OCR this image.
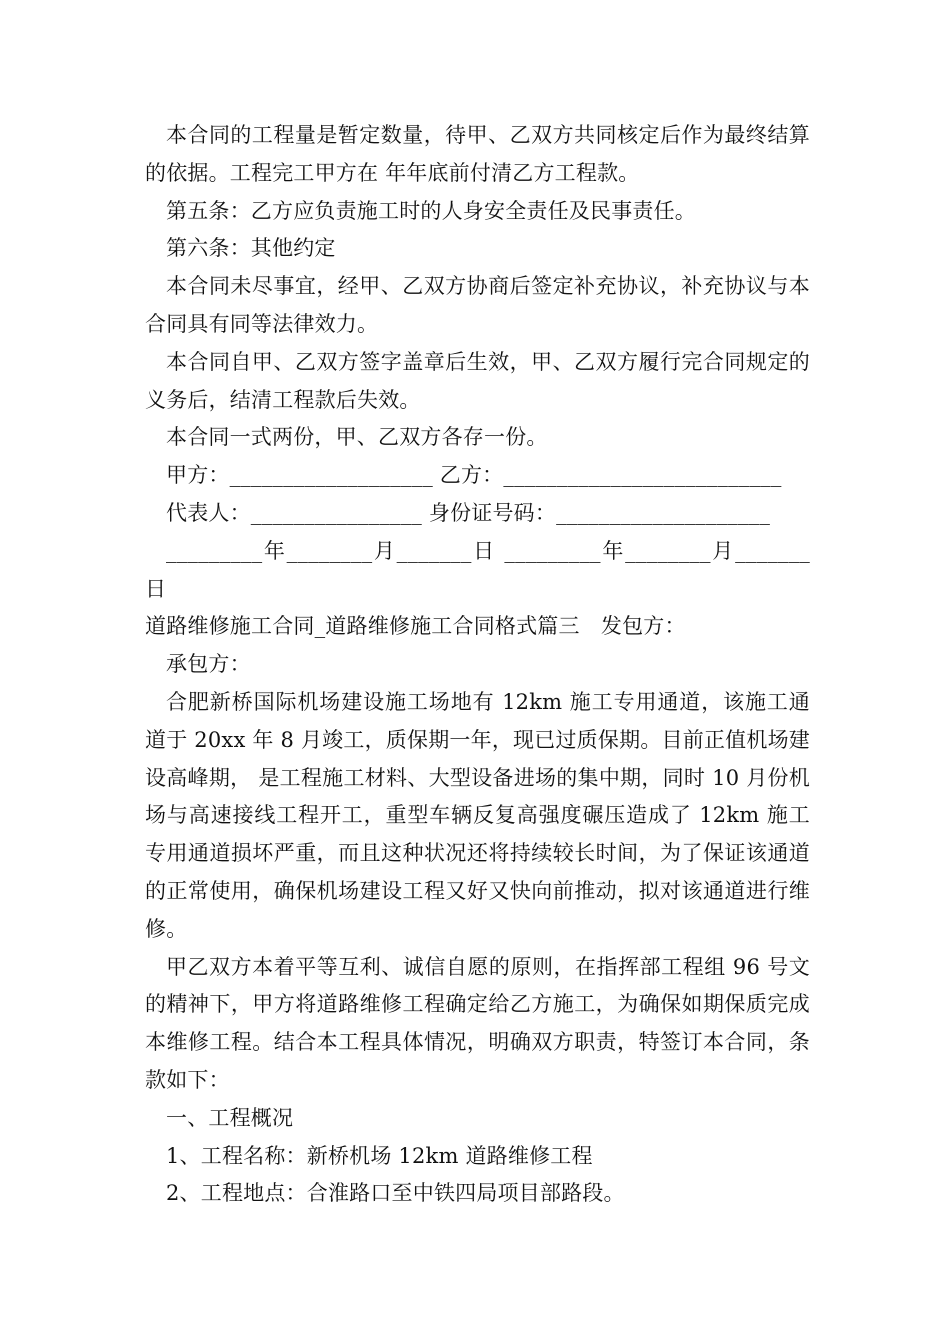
本合同的工程量是暂定数量，待甲、乙双方共同核定后作为最终结算的依据。工程完工甲方在 年年底前付清乙方工程款。

第五条：乙方应负责施工时的人身安全责任及民事责任。

第六条：其他约定

本合同未尽事宜，经甲、乙双方协商后签定补充协议，补充协议与本合同具有同等法律效力。

本合同自甲、乙双方签字盖章后生效，甲、乙双方履行完合同规定的义务后，结清工程款后失效。

本合同一式两份，甲、乙双方各存一份。

甲方：___________________ 乙方：__________________________

代表人：________________ 身份证号码：____________________

_________年________月_______日 _________年________月_______日

道路维修施工合同_道路维修施工合同格式篇三　发包方：

承包方：

合肥新桥国际机场建设施工场地有 12km 施工专用通道，该施工通道于 20xx 年 8 月竣工，质保期一年，现已过质保期。目前正值机场建设高峰期， 是工程施工材料、大型设备进场的集中期，同时 10 月份机场与高速接线工程开工，重型车辆反复高强度碾压造成了 12km 施工专用通道损坏严重，而且这种状况还将持续较长时间，为了保证该通道的正常使用，确保机场建设工程又好又快向前推动，拟对该通道进行维修。

甲乙双方本着平等互利、诚信自愿的原则，在指挥部工程组 96 号文的精神下，甲方将道路维修工程确定给乙方施工，为确保如期保质完成本维修工程。结合本工程具体情况，明确双方职责，特签订本合同，条款如下：

一、工程概况

1、工程名称：新桥机场 12km 道路维修工程

2、工程地点：合淮路口至中铁四局项目部路段。
